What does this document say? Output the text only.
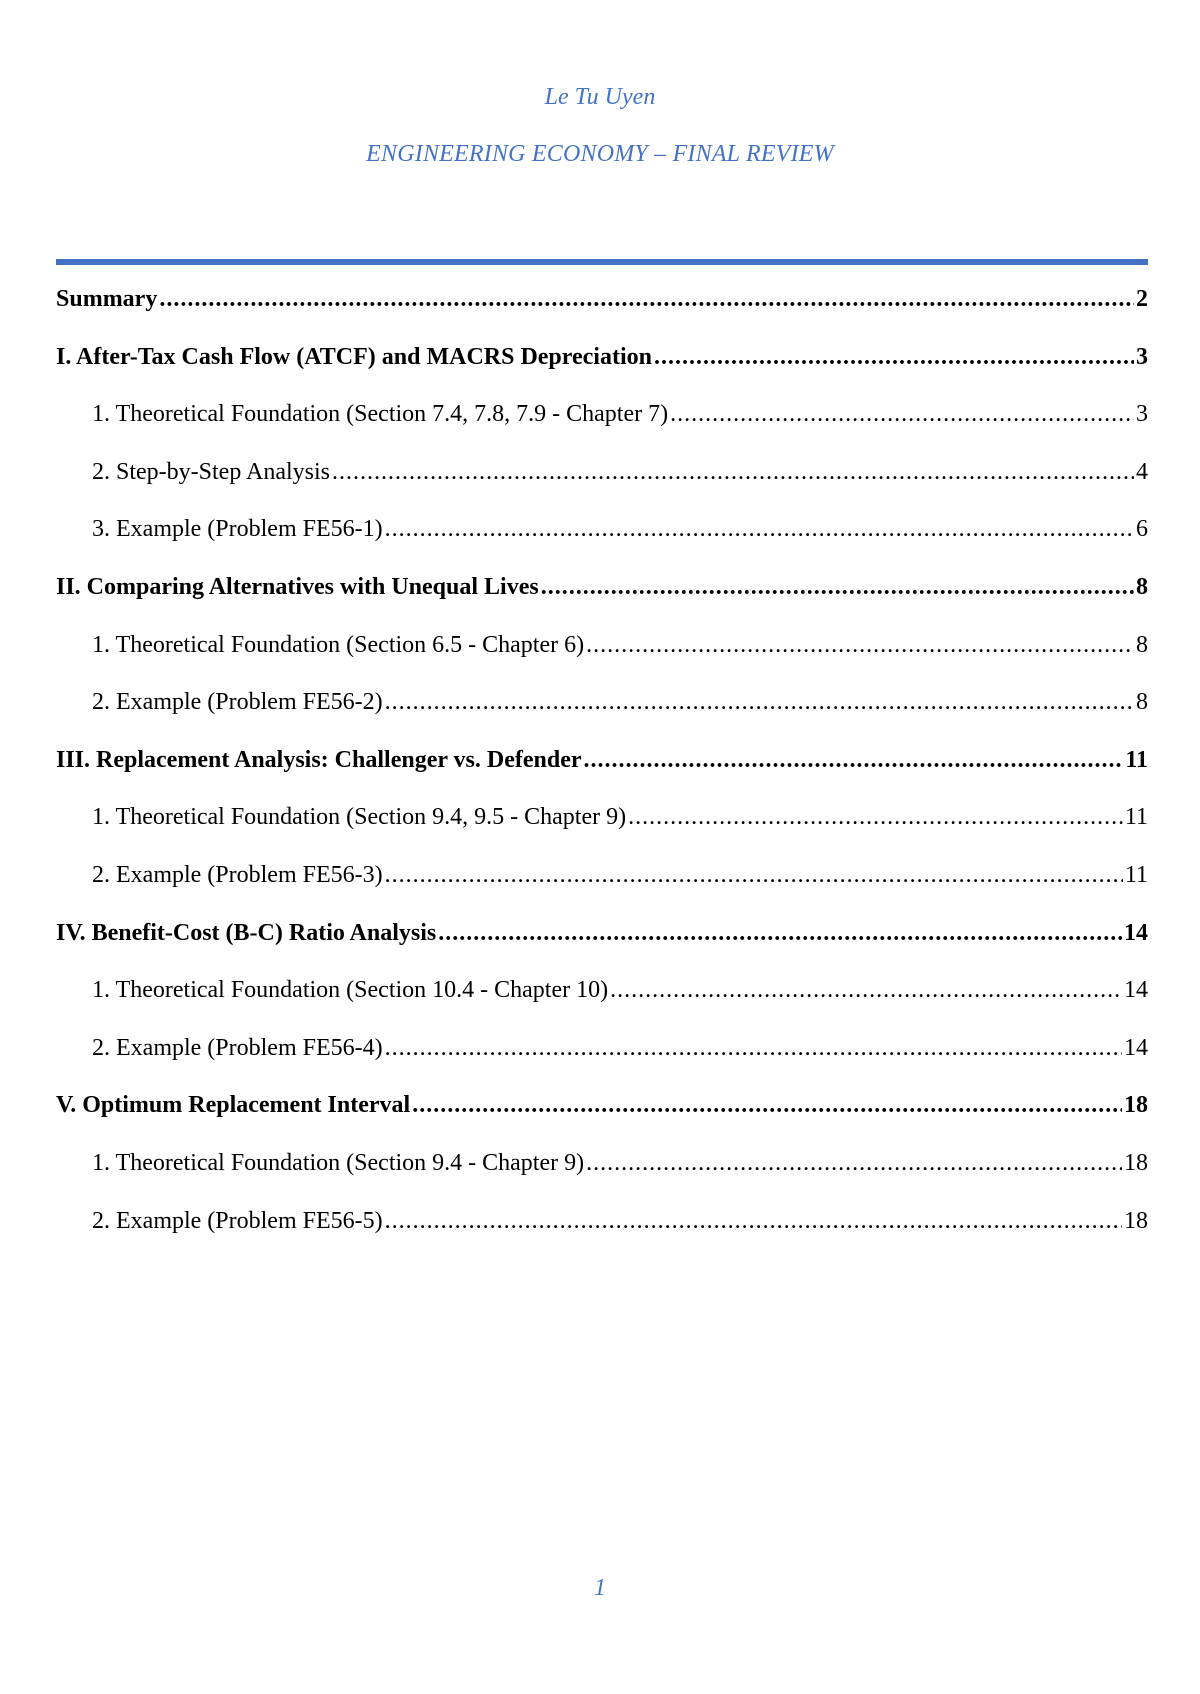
Le Tu Uyen
ENGINEERING ECONOMY – FINAL REVIEW
Summary .....	2
I. After-Tax Cash Flow (ATCF) and MACRS Depreciation .....	3
1. Theoretical Foundation (Section 7.4, 7.8, 7.9 - Chapter 7) .....	3
2. Step-by-Step Analysis .....	4
3. Example (Problem FE56-1) .....	6
II. Comparing Alternatives with Unequal Lives .....	8
1. Theoretical Foundation (Section 6.5 - Chapter 6) .....	8
2. Example (Problem FE56-2) .....	8
III. Replacement Analysis: Challenger vs. Defender .....	11
1. Theoretical Foundation (Section 9.4, 9.5 - Chapter 9) .....	11
2. Example (Problem FE56-3) .....	11
IV. Benefit-Cost (B-C) Ratio Analysis .....	14
1. Theoretical Foundation (Section 10.4 - Chapter 10) .....	14
2. Example (Problem FE56-4) .....	14
V. Optimum Replacement Interval .....	18
1. Theoretical Foundation (Section 9.4 - Chapter 9) .....	18
2. Example (Problem FE56-5) .....	18
1
